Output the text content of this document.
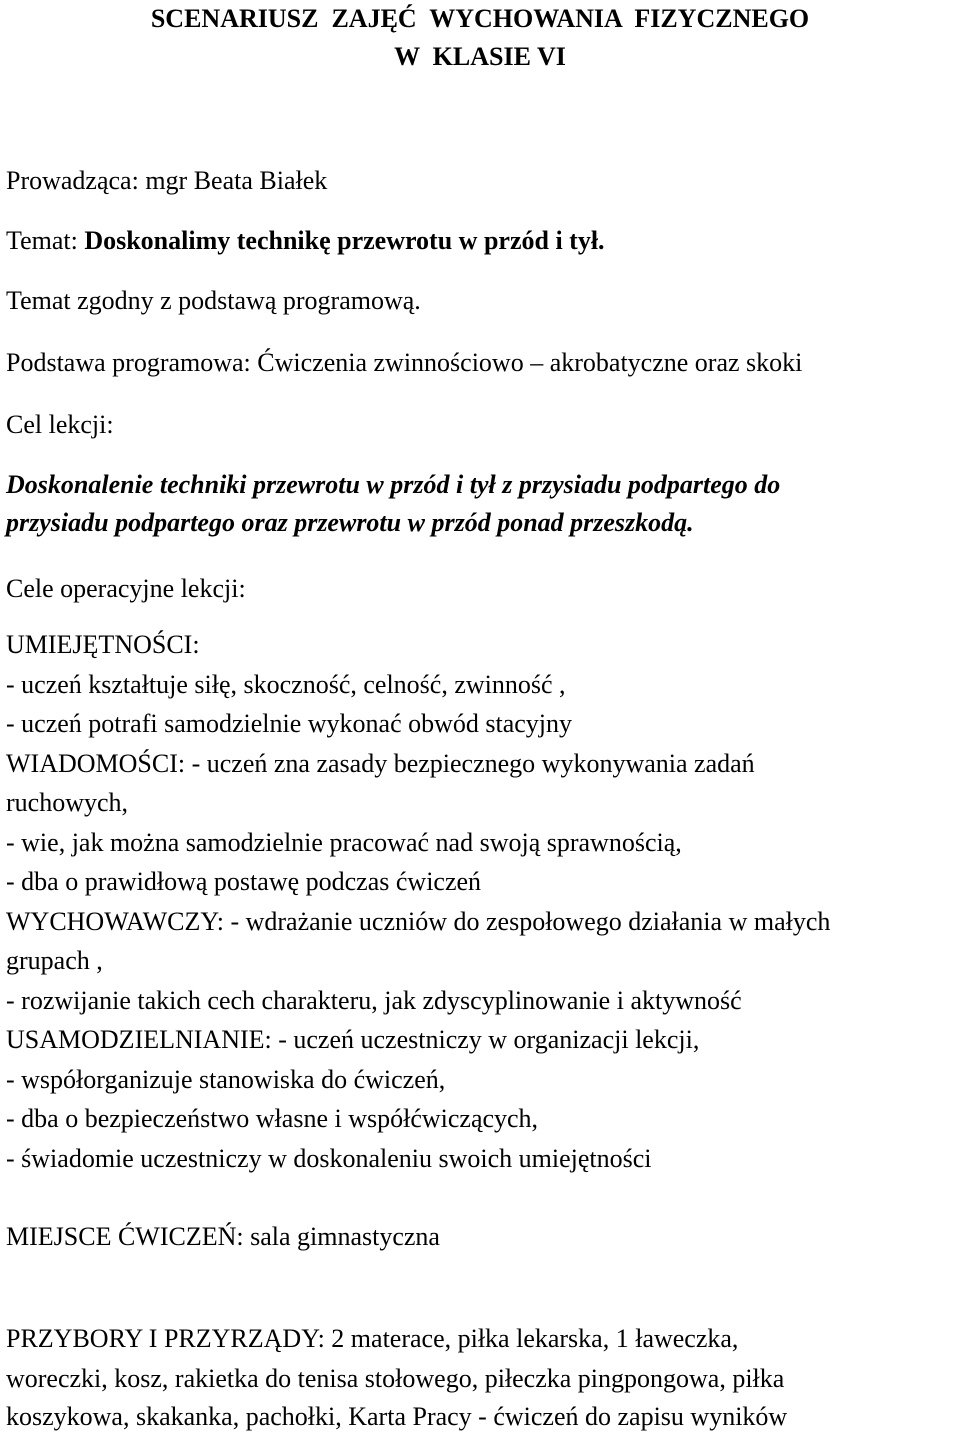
SCENARIUSZ  ZAJĘĆ  WYCHOWANIA  FIZYCZNEGO
W  KLASIE VI
Prowadząca: mgr Beata Białek
Temat: Doskonalimy technikę przewrotu w przód i tył.
Temat zgodny z podstawą programową.
Podstawa programowa: Ćwiczenia zwinnościowo – akrobatyczne oraz skoki
Cel lekcji:
Doskonalenie techniki przewrotu w przód i tył z przysiadu podpartego do
przysiadu podpartego oraz przewrotu w przód ponad przeszkodą.
Cele operacyjne lekcji:
UMIEJĘTNOŚCI:
- uczeń kształtuje siłę, skoczność, celność, zwinność ,
- uczeń potrafi samodzielnie wykonać obwód stacyjny
WIADOMOŚCI: - uczeń zna zasady bezpiecznego wykonywania zadań
ruchowych,
- wie, jak można samodzielnie pracować nad swoją sprawnością,
- dba o prawidłową postawę podczas ćwiczeń
WYCHOWAWCZY: - wdrażanie uczniów do zespołowego działania w małych
grupach ,
- rozwijanie takich cech charakteru, jak zdyscyplinowanie i aktywność
USAMODZIELNIANIE: - uczeń uczestniczy w organizacji lekcji,
- współorganizuje stanowiska do ćwiczeń,
- dba o bezpieczeństwo własne i współćwiczących,
- świadomie uczestniczy w doskonaleniu swoich umiejętności
MIEJSCE ĆWICZEŃ: sala gimnastyczna
PRZYBORY I PRZYRZĄDY: 2 materace, piłka lekarska, 1 ławeczka,
woreczki, kosz, rakietka do tenisa stołowego, piłeczka pingpongowa, piłka
koszykowa, skakanka, pachołki, Karta Pracy - ćwiczeń do zapisu wyników
